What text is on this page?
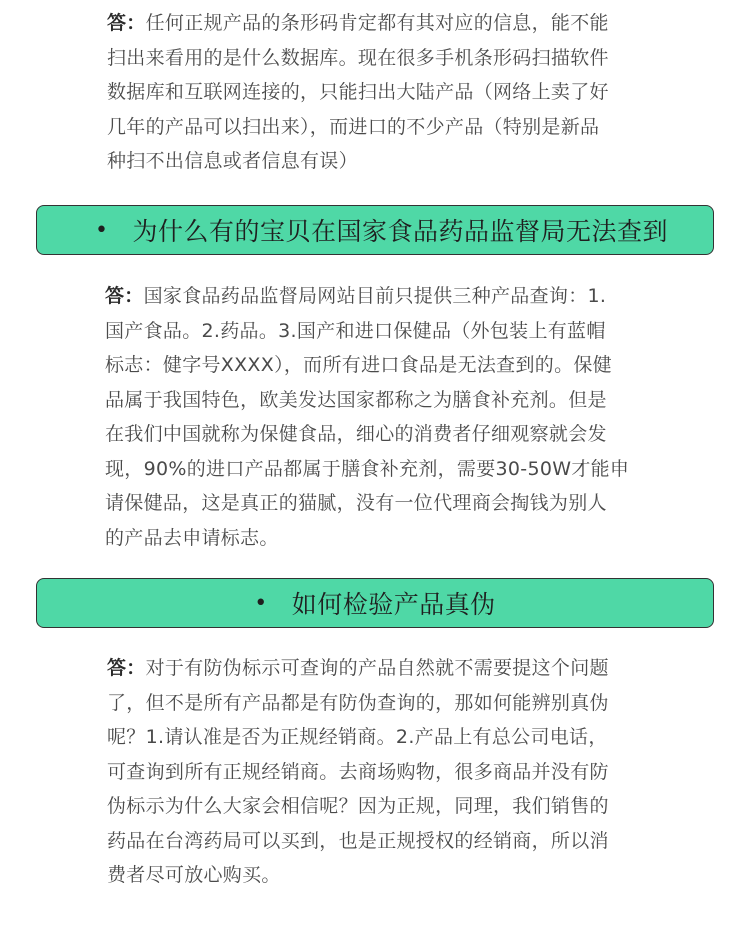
答：任何正规产品的条形码肯定都有其对应的信息，能不能
扫出来看用的是什么数据库。现在很多手机条形码扫描软件
数据库和互联网连接的，只能扫出大陆产品（网络上卖了好
几年的产品可以扫出来），而进口的不少产品（特别是新品
种扫不出信息或者信息有误）
• 为什么有的宝贝在国家食品药品监督局无法查到
答：国家食品药品监督局网站目前只提供三种产品查询：1.
国产食品。2.药品。3.国产和进口保健品（外包装上有蓝帽
标志：健字号XXXX），而所有进口食品是无法查到的。保健
品属于我国特色，欧美发达国家都称之为膳食补充剂。但是
在我们中国就称为保健食品，细心的消费者仔细观察就会发
现，90%的进口产品都属于膳食补充剂，需要30-50W才能申
请保健品，这是真正的猫腻，没有一位代理商会掏钱为别人
的产品去申请标志。
• 如何检验产品真伪
答：对于有防伪标示可查询的产品自然就不需要提这个问题
了，但不是所有产品都是有防伪查询的，那如何能辨别真伪
呢？1.请认准是否为正规经销商。2.产品上有总公司电话，
可查询到所有正规经销商。去商场购物，很多商品并没有防
伪标示为什么大家会相信呢？因为正规，同理，我们销售的
药品在台湾药局可以买到，也是正规授权的经销商，所以消
费者尽可放心购买。
